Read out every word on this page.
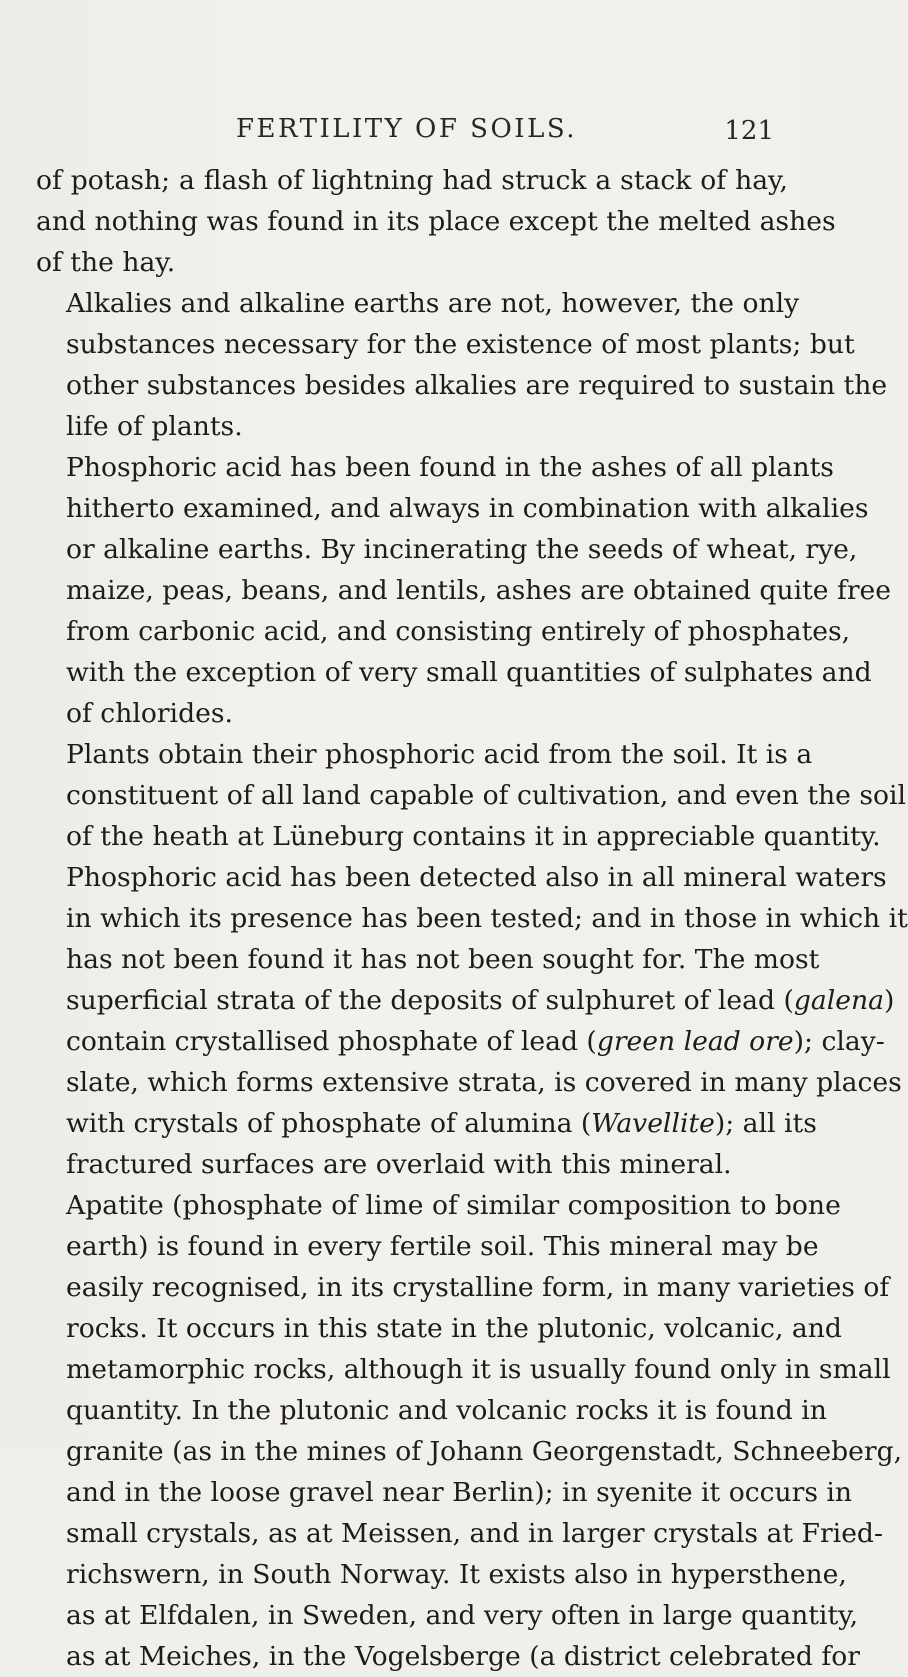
FERTILITY OF SOILS.	121

of potash; a flash of lightning had struck a stack of hay,
and nothing was found in its place except the melted ashes
of the hay.

Alkalies and alkaline earths are not, however, the only
substances necessary for the existence of most plants; but
other substances besides alkalies are required to sustain the
life of plants.

Phosphoric acid has been found in the ashes of all plants
hitherto examined, and always in combination with alkalies
or alkaline earths. By incinerating the seeds of wheat, rye,
maize, peas, beans, and lentils, ashes are obtained quite free
from carbonic acid, and consisting entirely of phosphates,
with the exception of very small quantities of sulphates and
of chlorides.

Plants obtain their phosphoric acid from the soil. It is a
constituent of all land capable of cultivation, and even the soil
of the heath at Lüneburg contains it in appreciable quantity.
Phosphoric acid has been detected also in all mineral waters
in which its presence has been tested; and in those in which it
has not been found it has not been sought for. The most
superficial strata of the deposits of sulphuret of lead (galena)
contain crystallised phosphate of lead (green lead ore); clay-
slate, which forms extensive strata, is covered in many places
with crystals of phosphate of alumina (Wavellite); all its
fractured surfaces are overlaid with this mineral.

Apatite (phosphate of lime of similar composition to bone
earth) is found in every fertile soil. This mineral may be
easily recognised, in its crystalline form, in many varieties of
rocks. It occurs in this state in the plutonic, volcanic, and
metamorphic rocks, although it is usually found only in small
quantity. In the plutonic and volcanic rocks it is found in
granite (as in the mines of Johann Georgenstadt, Schneeberg,
and in the loose gravel near Berlin); in syenite it occurs in
small crystals, as at Meissen, and in larger crystals at Fried-
richswern, in South Norway. It exists also in hypersthene,
as at Elfdalen, in Sweden, and very often in large quantity,
as at Meiches, in the Vogelsberge (a district celebrated for
